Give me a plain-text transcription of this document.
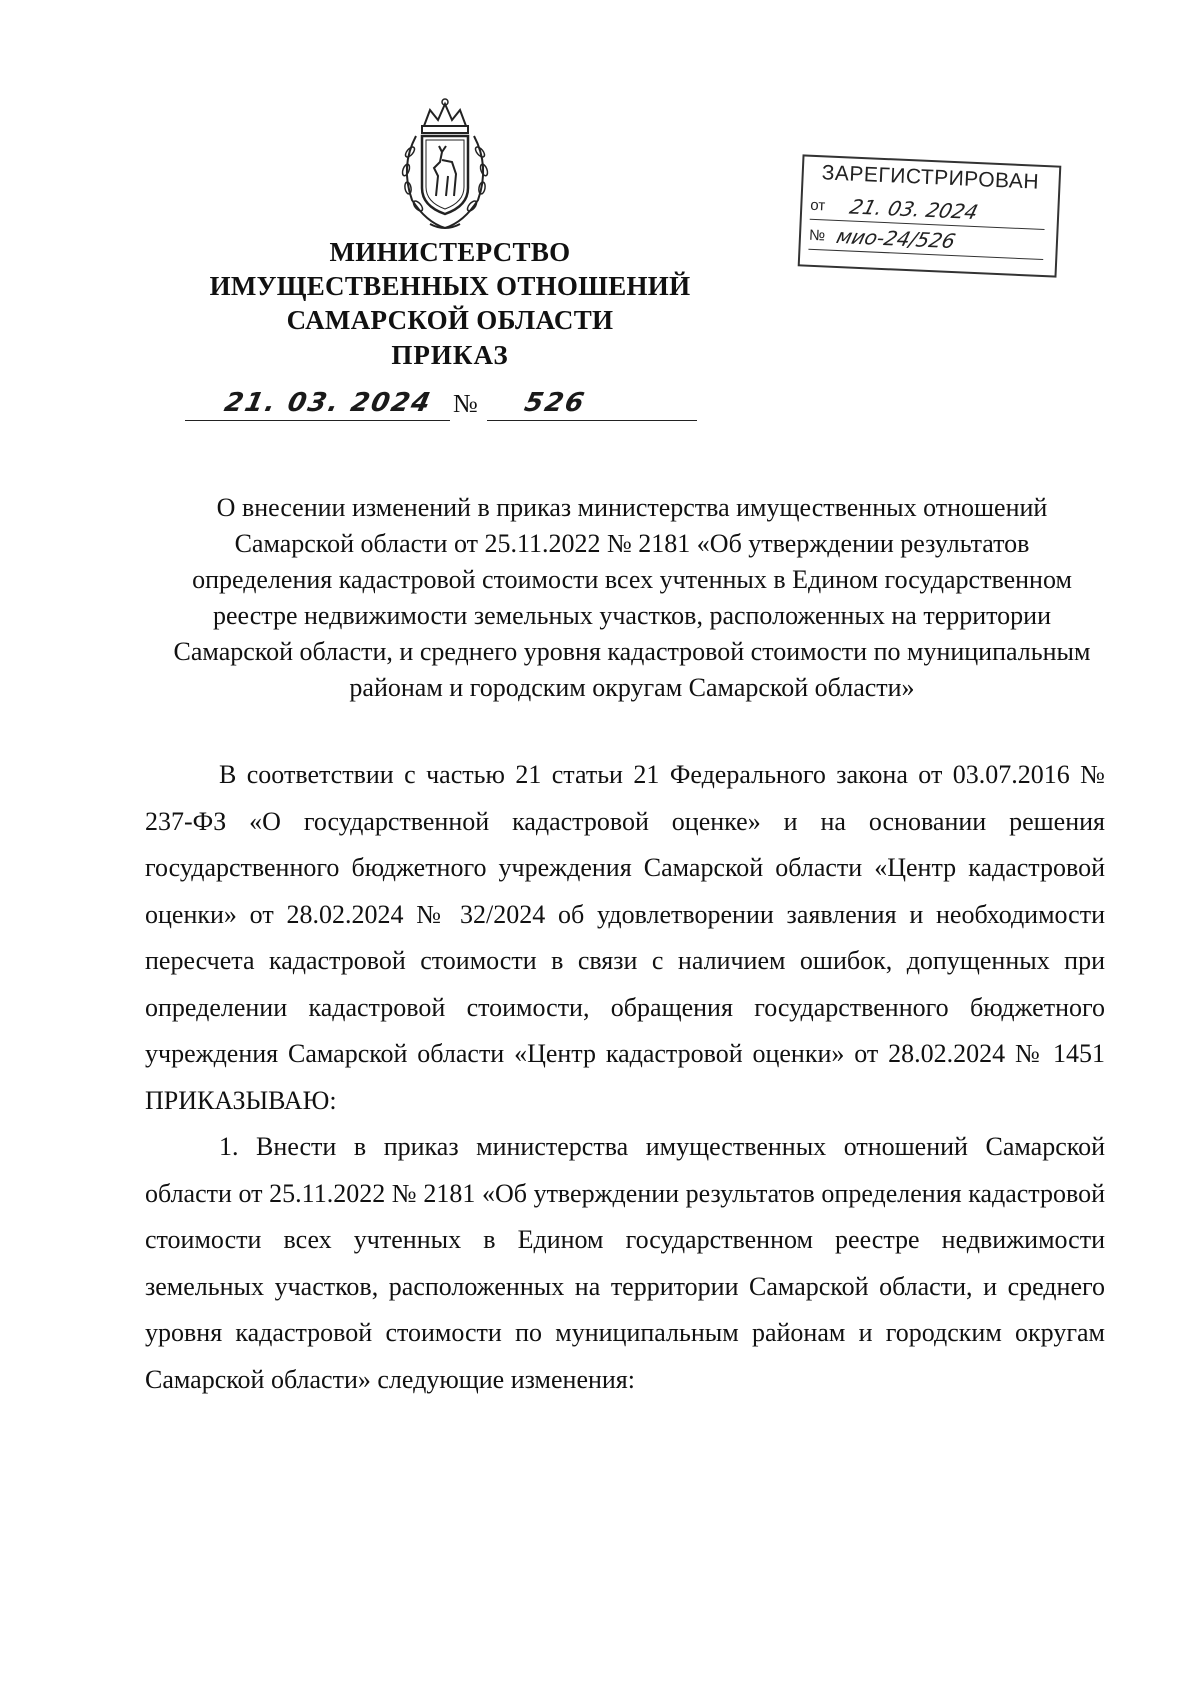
МИНИСТЕРСТВО
ИМУЩЕСТВЕННЫХ ОТНОШЕНИЙ
САМАРСКОЙ ОБЛАСТИ
ПРИКАЗ
21. 03. 2024 № 526
ЗАРЕГИСТРИРОВАН
от 21. 03. 2024
№ мио-24/526
О внесении изменений в приказ министерства имущественных отношений Самарской области от 25.11.2022 № 2181 «Об утверждении результатов определения кадастровой стоимости всех учтенных в Едином государственном реестре недвижимости земельных участков, расположенных на территории Самарской области, и среднего уровня кадастровой стоимости по муниципальным районам и городским округам Самарской области»

В соответствии с частью 21 статьи 21 Федерального закона от 03.07.2016 № 237-ФЗ «О государственной кадастровой оценке» и на основании решения государственного бюджетного учреждения Самарской области «Центр кадастровой оценки» от 28.02.2024 № 32/2024 об удовлетворении заявления и необходимости пересчета кадастровой стоимости в связи с наличием ошибок, допущенных при определении кадастровой стоимости, обращения государственного бюджетного учреждения Самарской области «Центр кадастровой оценки» от 28.02.2024 № 1451 ПРИКАЗЫВАЮ:

1. Внести в приказ министерства имущественных отношений Самарской области от 25.11.2022 № 2181 «Об утверждении результатов определения кадастровой стоимости всех учтенных в Едином государственном реестре недвижимости земельных участков, расположенных на территории Самарской области, и среднего уровня кадастровой стоимости по муниципальным районам и городским округам Самарской области» следующие изменения:
